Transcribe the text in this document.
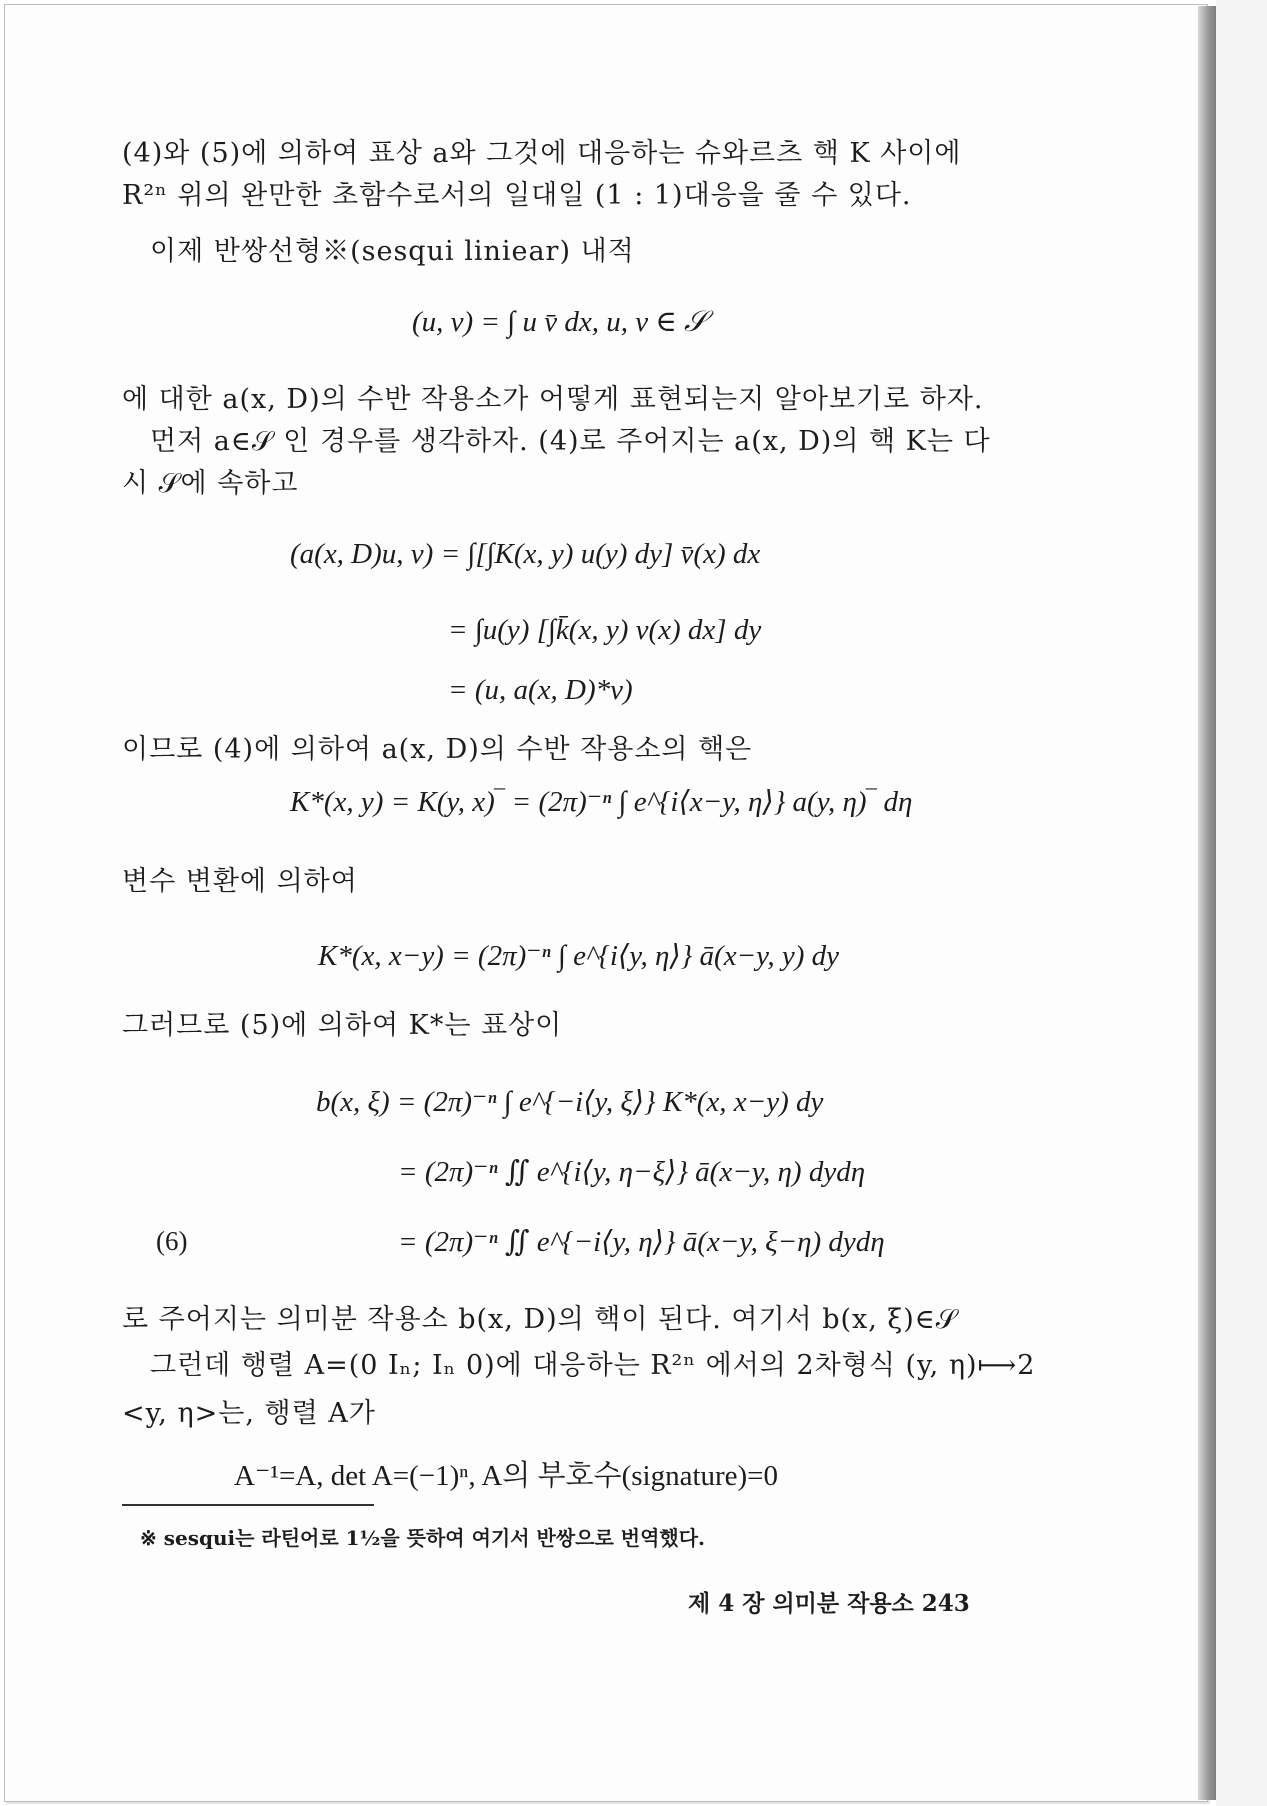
(4)와 (5)에 의하여 표상 a와 그것에 대응하는 슈와르츠 핵 K 사이에
R²ⁿ 위의 완만한 초함수로서의 일대일 (1 : 1)대응을 줄 수 있다.
이제 반쌍선형※(sesqui liniear) 내적
(u, v) = ∫ u v̄ dx, u, v ∈ 𝒮
에 대한 a(x, D)의 수반 작용소가 어떻게 표현되는지 알아보기로 하자.
먼저 a∈𝒮 인 경우를 생각하자. (4)로 주어지는 a(x, D)의 핵 K는 다
시 𝒮에 속하고
(a(x, D)u, v) = ∫[∫K(x, y) u(y) dy] v̄(x) dx
= ∫u(y) [∫k̄(x, y) v(x) dx] dy
= (u, a(x, D)*v)
이므로 (4)에 의하여 a(x, D)의 수반 작용소의 핵은
K*(x, y) = K(y, x)‾ = (2π)⁻ⁿ ∫ e^{i⟨x−y, η⟩} a(y, η)‾ dη
변수 변환에 의하여
K*(x, x−y) = (2π)⁻ⁿ ∫ e^{i⟨y, η⟩} ā(x−y, y) dy
그러므로 (5)에 의하여 K*는 표상이
b(x, ξ) = (2π)⁻ⁿ ∫ e^{−i⟨y, ξ⟩} K*(x, x−y) dy
= (2π)⁻ⁿ ∬ e^{i⟨y, η−ξ⟩} ā(x−y, η) dydη
(6)	= (2π)⁻ⁿ ∬ e^{−i⟨y, η⟩} ā(x−y, ξ−η) dydη
로 주어지는 의미분 작용소 b(x, D)의 핵이 된다. 여기서 b(x, ξ)∈𝒮
그런데 행렬 A=(0 Iₙ; Iₙ 0)에 대응하는 R²ⁿ 에서의 2차형식 (y, η)⟼2
<y, η>는, 행렬 A가
A⁻¹=A, det A=(−1)ⁿ, A의 부호수(signature)=0
※ sesqui는 라틴어로 1½을 뜻하여 여기서 반쌍으로 번역했다.
제 4 장 의미분 작용소 243
